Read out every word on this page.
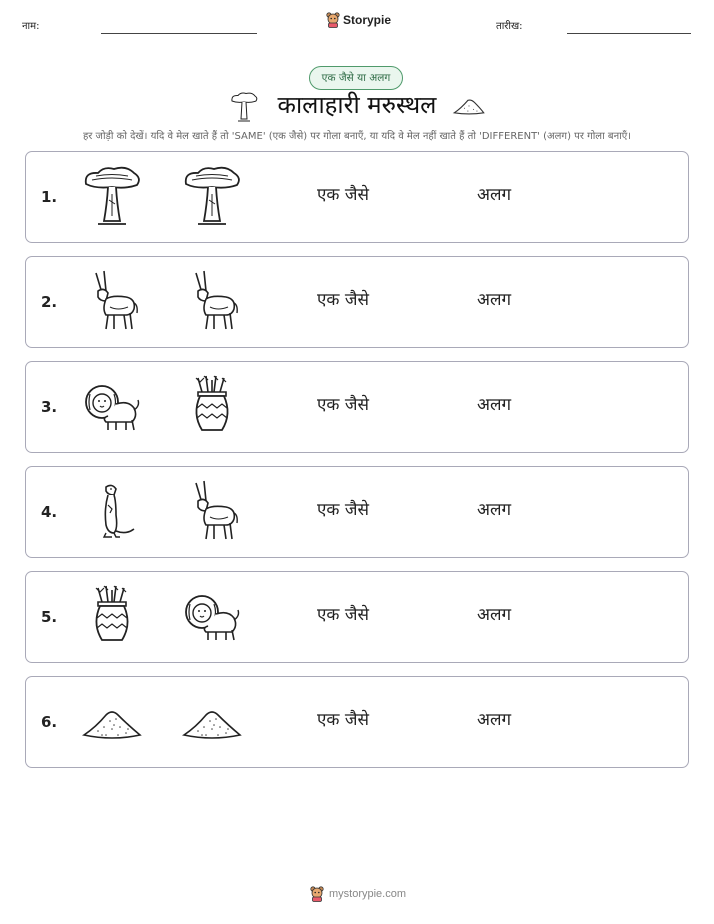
नाम:	Storypie	तारीख:
एक जैसे या अलग
कालाहारी मरुस्थल
हर जोड़ी को देखें। यदि वे मेल खाते हैं तो 'SAME' (एक जैसे) पर गोला बनाएँ, या यदि वे मेल नहीं खाते हैं तो 'DIFFERENT' (अलग) पर गोला बनाएँ।
1.	एक जैसे	अलग
2.	एक जैसे	अलग
3.	एक जैसे	अलग
4.	एक जैसे	अलग
5.	एक जैसे	अलग
6.	एक जैसे	अलग
mystorypie.com
